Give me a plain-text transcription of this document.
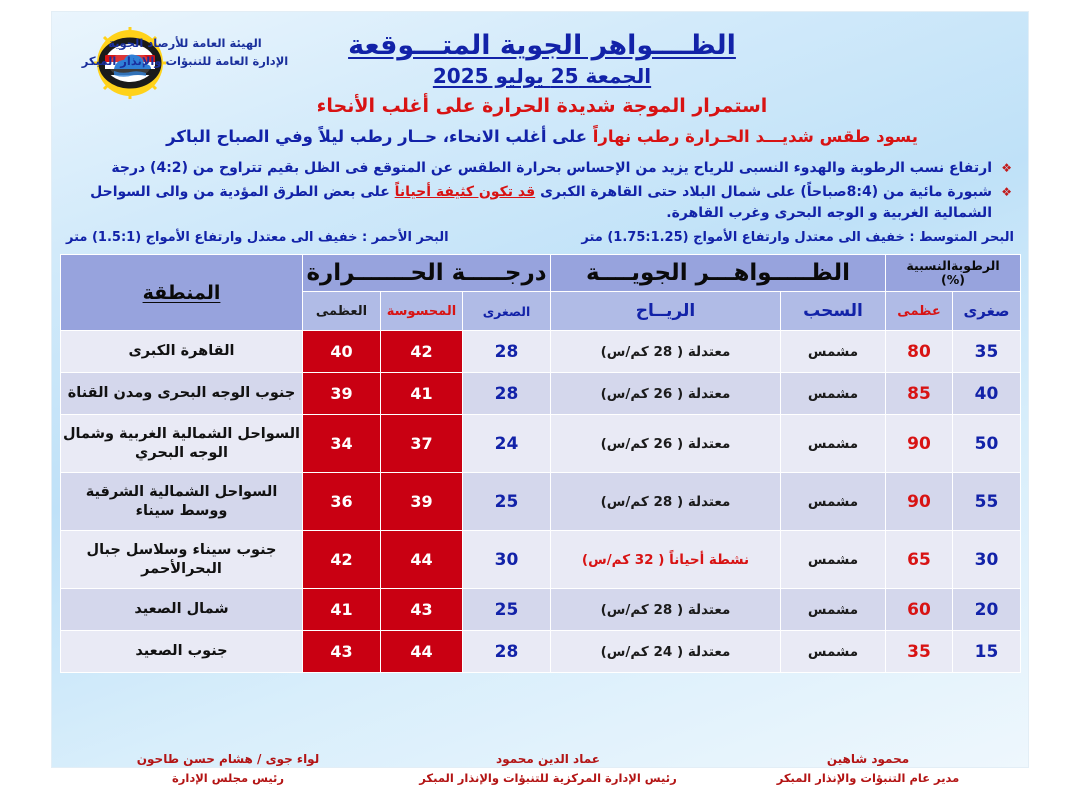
الهيئة العامة للأرصاد الجوية
الإدارة العامة للتنبؤات والإنذار المبكر
الظــــواهر الجوية المتـــوقعة
الجمعة 25 يوليو 2025
استمرار الموجة شديدة الحرارة على أغلب الأنحاء
يسود طقس شديـــد الحـرارة رطب نهاراً على أغلب الانحاء، حــار رطب ليلاً وفي الصباح الباكر
❖
ارتفاع نسب الرطوبة والهدوء النسبى للرياح يزيد من الإحساس بحرارة الطقس عن المتوقع فى الظل بقيم تتراوح من (4:2) درجة
❖
شبورة مائية من (8:4صباحاً) على شمال البلاد حتى القاهرة الكبرى قد تكون كثيفة أحياناً على بعض الطرق المؤدية من والى السواحل الشمالية الغربية و الوجه البحرى وغرب القاهرة.
البحر المتوسط : خفيف الى معتدل وارتفاع الأمواج (1.75:1.25) متر
البحر الأحمر : خفيف الى معتدل وارتفاع الأمواج (1.5:1) متر
الرطوبةالنسبية
(%)		الظـــــواهـــر الجويــــة		درجـــــة الحـــــــرارة			المنطقة
صغرى	عظمى	السحب	الريــاح	الصغرى	المحسوسة	العظمى	
35	80	مشمس	معتدلة ( 28 كم/س)	28	42	40	القاهرة الكبرى
40	85	مشمس	معتدلة ( 26 كم/س)	28	41	39	جنوب الوجه البحرى ومدن القناة
50	90	مشمس	معتدلة ( 26 كم/س)	24	37	34	السواحل الشمالية الغربية وشمال الوجه البحري
55	90	مشمس	معتدلة ( 28 كم/س)	25	39	36	السواحل الشمالية الشرقية ووسط سيناء
30	65	مشمس	نشطة أحياناً ( 32 كم/س)	30	44	42	جنوب سيناء وسلاسل جبال البحرالأحمر
20	60	مشمس	معتدلة ( 28 كم/س)	25	43	41	شمال الصعيد
15	35	مشمس	معتدلة ( 24 كم/س)	28	44	43	جنوب الصعيد
محمود شاهين
مدير عام التنبؤات والإنذار المبكر
عماد الدين محمود
رئيس الإدارة المركزية للتنبؤات والإنذار المبكر
لواء جوى / هشام حسن طاحون
رئيس مجلس الإدارة
